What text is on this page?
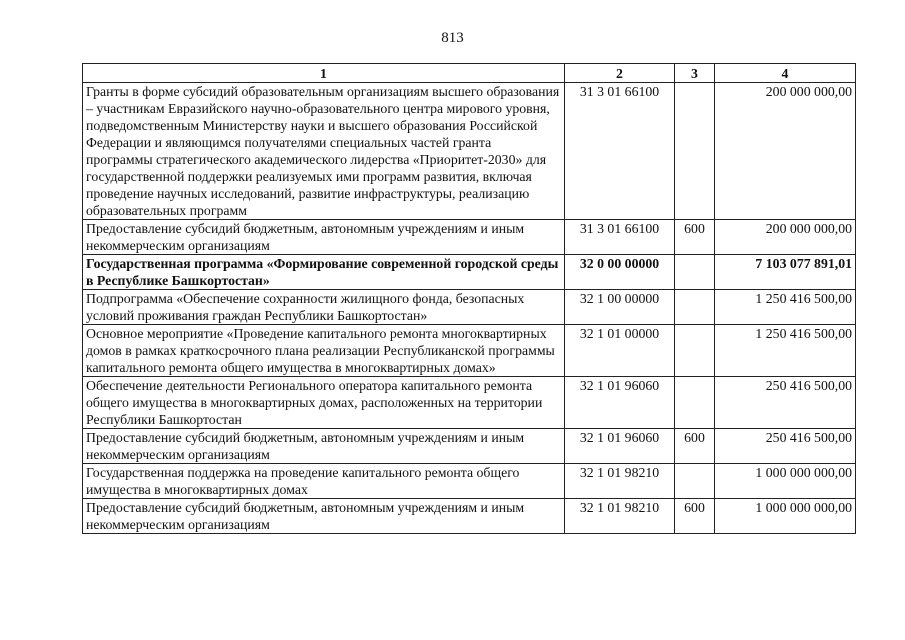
813
1	2	3	4
Гранты в форме субсидий образовательным организациям высшего образования – участникам Евразийского научно-образовательного центра мирового уровня, подведомственным Министерству науки и высшего образования Российской Федерации и являющимся получателями специальных частей гранта программы стратегического академического лидерства «Приоритет-2030» для государственной поддержки реализуемых ими программ развития, включая проведение научных исследований, развитие инфраструктуры, реализацию образовательных программ	31 3 01 66100		200 000 000,00
Предоставление субсидий бюджетным, автономным учреждениям и иным некоммерческим организациям	31 3 01 66100	600	200 000 000,00
Государственная программа «Формирование современной городской среды в Республике Башкортостан»	32 0 00 00000		7 103 077 891,01
Подпрограмма «Обеспечение сохранности жилищного фонда, безопасных условий проживания граждан Республики Башкортостан»	32 1 00 00000		1 250 416 500,00
Основное мероприятие «Проведение капитального ремонта многоквартирных домов в рамках краткосрочного плана реализации Республиканской программы капитального ремонта общего имущества в многоквартирных домах»	32 1 01 00000		1 250 416 500,00
Обеспечение деятельности Регионального оператора капитального ремонта общего имущества в многоквартирных домах, расположенных на территории Республики Башкортостан	32 1 01 96060		250 416 500,00
Предоставление субсидий бюджетным, автономным учреждениям и иным некоммерческим организациям	32 1 01 96060	600	250 416 500,00
Государственная поддержка на проведение капитального ремонта общего имущества в многоквартирных домах	32 1 01 98210		1 000 000 000,00
Предоставление субсидий бюджетным, автономным учреждениям и иным некоммерческим организациям	32 1 01 98210	600	1 000 000 000,00
